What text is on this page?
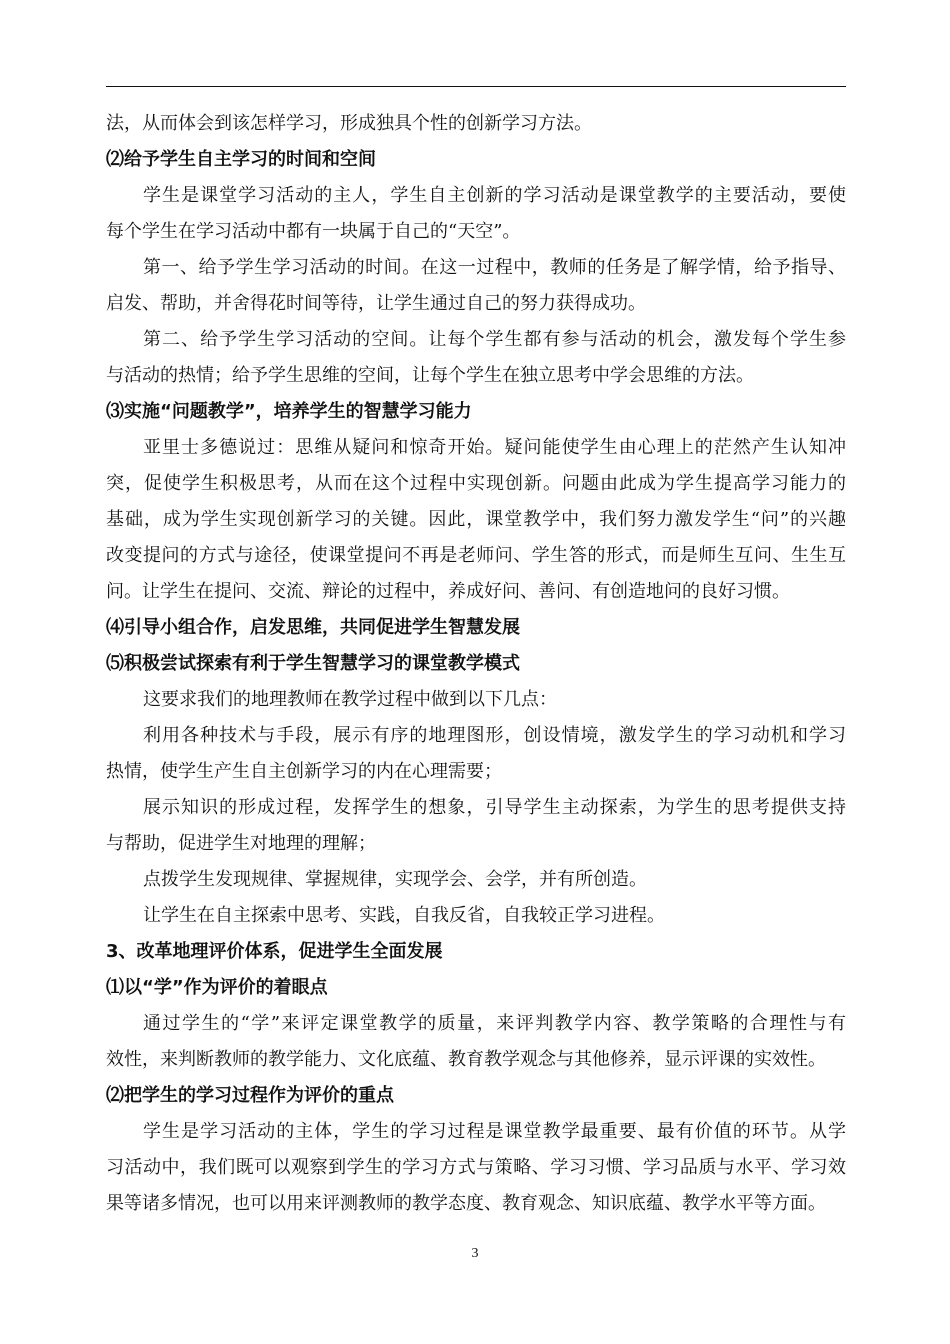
法，从而体会到该怎样学习，形成独具个性的创新学习方法。
⑵给予学生自主学习的时间和空间
学生是课堂学习活动的主人，学生自主创新的学习活动是课堂教学的主要活动，要使
每个学生在学习活动中都有一块属于自己的“天空”。
第一、给予学生学习活动的时间。在这一过程中，教师的任务是了解学情，给予指导、
启发、帮助，并舍得花时间等待，让学生通过自己的努力获得成功。
第二、给予学生学习活动的空间。让每个学生都有参与活动的机会，激发每个学生参
与活动的热情；给予学生思维的空间，让每个学生在独立思考中学会思维的方法。
⑶实施“问题教学”，培养学生的智慧学习能力
亚里士多德说过：思维从疑问和惊奇开始。疑问能使学生由心理上的茫然产生认知冲
突，促使学生积极思考，从而在这个过程中实现创新。问题由此成为学生提高学习能力的
基础，成为学生实现创新学习的关键。因此，课堂教学中，我们努力激发学生“问”的兴趣
改变提问的方式与途径，使课堂提问不再是老师问、学生答的形式，而是师生互问、生生互
问。让学生在提问、交流、辩论的过程中，养成好问、善问、有创造地问的良好习惯。
⑷引导小组合作，启发思维，共同促进学生智慧发展
⑸积极尝试探索有利于学生智慧学习的课堂教学模式
这要求我们的地理教师在教学过程中做到以下几点：
利用各种技术与手段，展示有序的地理图形，创设情境，激发学生的学习动机和学习
热情，使学生产生自主创新学习的内在心理需要；
展示知识的形成过程，发挥学生的想象，引导学生主动探索，为学生的思考提供支持
与帮助，促进学生对地理的理解；
点拨学生发现规律、掌握规律，实现学会、会学，并有所创造。
让学生在自主探索中思考、实践，自我反省，自我较正学习进程。
3、改革地理评价体系，促进学生全面发展
⑴以“学”作为评价的着眼点
通过学生的“学”来评定课堂教学的质量，来评判教学内容、教学策略的合理性与有
效性，来判断教师的教学能力、文化底蕴、教育教学观念与其他修养，显示评课的实效性。
⑵把学生的学习过程作为评价的重点
学生是学习活动的主体，学生的学习过程是课堂教学最重要、最有价值的环节。从学
习活动中，我们既可以观察到学生的学习方式与策略、学习习惯、学习品质与水平、学习效
果等诸多情况，也可以用来评测教师的教学态度、教育观念、知识底蕴、教学水平等方面。
3
